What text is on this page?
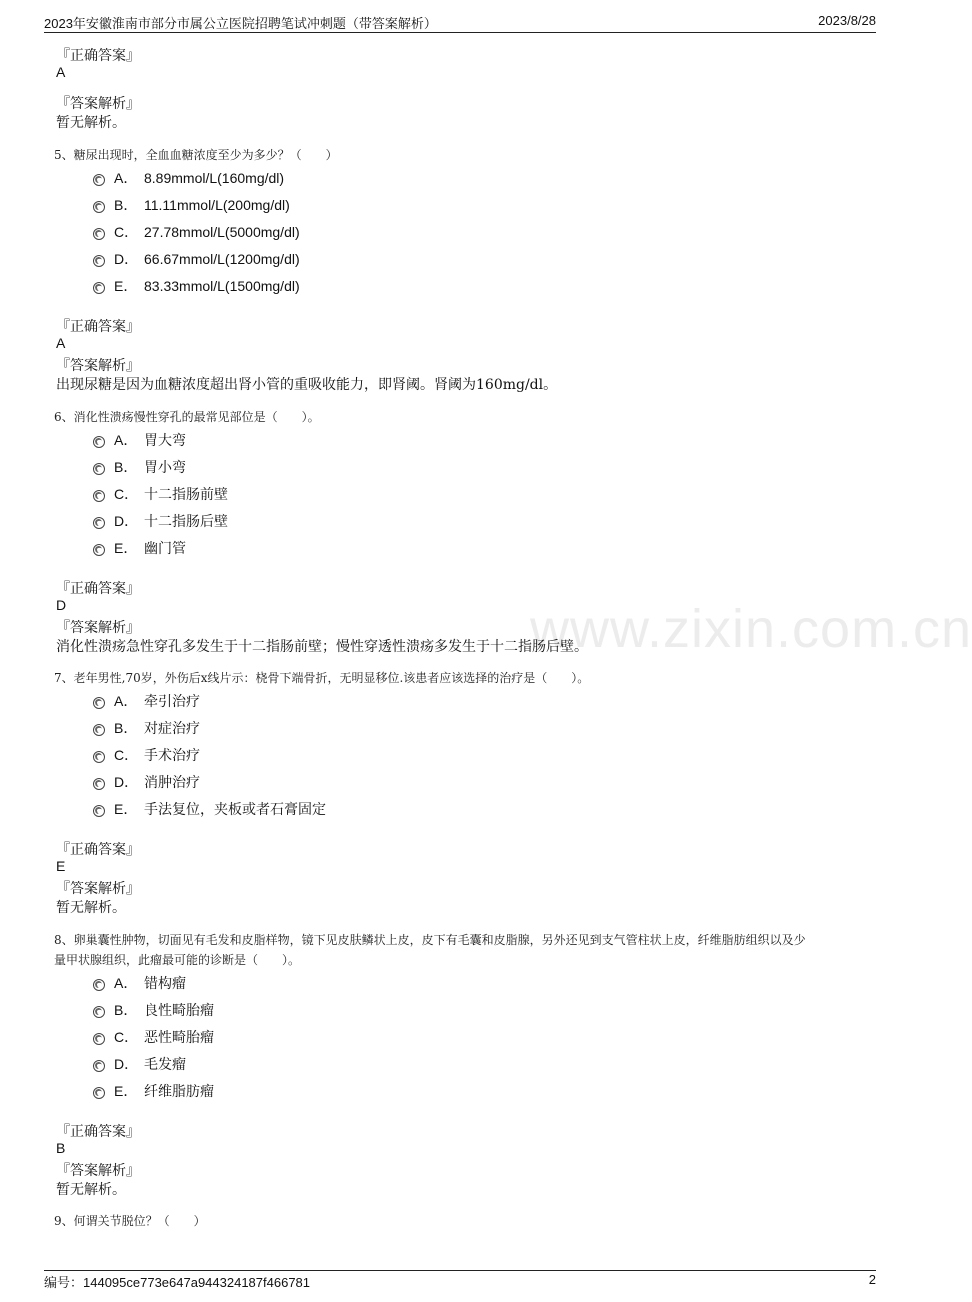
2023年安徽淮南市部分市属公立医院招聘笔试冲刺题（带答案解析）	2023/8/28
www.zixin.com.cn
『正确答案』
A
『答案解析』
暂无解析。
5、糖尿出现时，全血血糖浓度至少为多少？（　　）
A． 8.89mmol/L(160mg/dl)
B． 11.11mmol/L(200mg/dl)
C． 27.78mmol/L(5000mg/dl)
D． 66.67mmol/L(1200mg/dl)
E． 83.33mmol/L(1500mg/dl)
『正确答案』
A
『答案解析』
出现尿糖是因为血糖浓度超出肾小管的重吸收能力，即肾阈。肾阈为160mg/dl。
6、消化性溃疡慢性穿孔的最常见部位是（　　）。
A． 胃大弯
B． 胃小弯
C． 十二指肠前壁
D． 十二指肠后壁
E． 幽门管
『正确答案』
D
『答案解析』
消化性溃疡急性穿孔多发生于十二指肠前壁；慢性穿透性溃疡多发生于十二指肠后壁。
7、老年男性,70岁，外伤后x线片示：桡骨下端骨折，无明显移位.该患者应该选择的治疗是（　　）。
A． 牵引治疗
B． 对症治疗
C． 手术治疗
D． 消肿治疗
E． 手法复位，夹板或者石膏固定
『正确答案』
E
『答案解析』
暂无解析。
8、卵巢囊性肿物，切面见有毛发和皮脂样物，镜下见皮肤鳞状上皮，皮下有毛囊和皮脂腺，另外还见到支气管柱状上皮，纤维脂肪组织以及少
量甲状腺组织，此瘤最可能的诊断是（　　）。
A． 错构瘤
B． 良性畸胎瘤
C． 恶性畸胎瘤
D． 毛发瘤
E． 纤维脂肪瘤
『正确答案』
B
『答案解析』
暂无解析。
9、何谓关节脱位？（　　）
编号：144095ce773e647a944324187f466781	2
